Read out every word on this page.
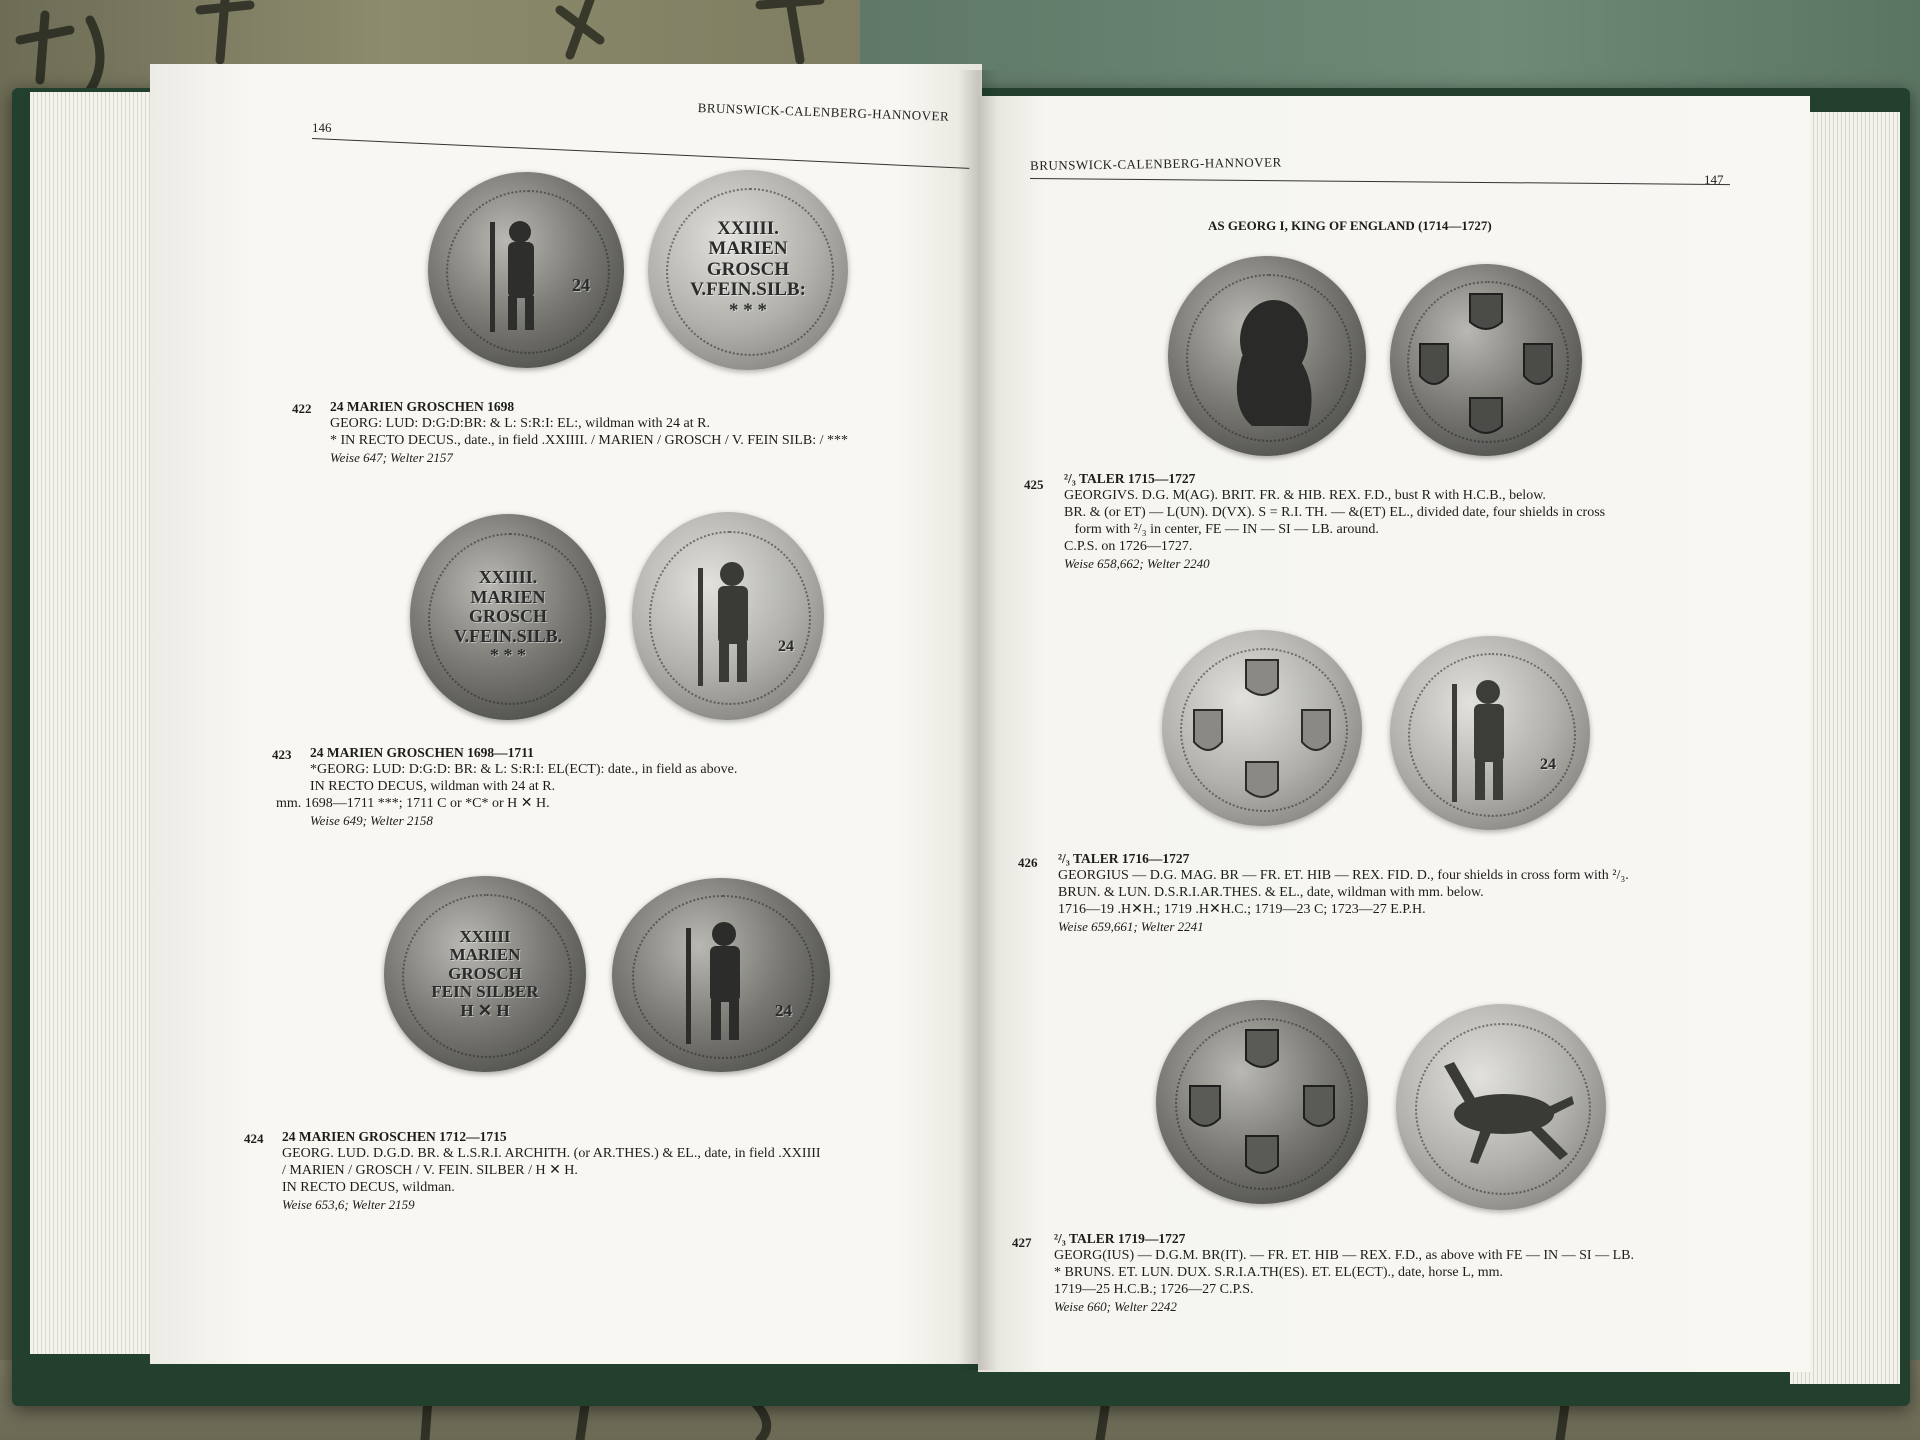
146
BRUNSWICK-CALENBERG-HANNOVER
24
XXIIII.
MARIEN
GROSCH
V.FEIN.SILB:
* * *
422 24 MARIEN GROSCHEN 1698
GEORG: LUD: D:G:D:BR: & L: S:R:I: EL:, wildman with 24 at R.
* IN RECTO DECUS., date., in field .XXIIII. / MARIEN / GROSCH / V. FEIN SILB: / ***
Weise 647; Welter 2157
XXIIII.
MARIEN
GROSCH
V.FEIN.SILB.
* * *	24
423 24 MARIEN GROSCHEN 1698—1711
*GEORG: LUD: D:G:D: BR: & L: S:R:I: EL(ECT): date., in field as above.
IN RECTO DECUS, wildman with 24 at R.
mm. 1698—1711 ***; 1711 C or *C* or H ✕ H.
Weise 649; Welter 2158
XXIIII
MARIEN
GROSCH
FEIN SILBER
H ✕ H	24
424 24 MARIEN GROSCHEN 1712—1715
GEORG. LUD. D.G.D. BR. & L.S.R.I. ARCHITH. (or AR.THES.) & EL., date, in field .XXIIII
/ MARIEN / GROSCH / V. FEIN. SILBER / H ✕ H.
IN RECTO DECUS, wildman.
Weise 653,6; Welter 2159
BRUNSWICK-CALENBERG-HANNOVER
147
AS GEORG I, KING OF ENGLAND (1714—1727)
425 ²/₃ TALER 1715—1727
GEORGIVS. D.G. M(AG). BRIT. FR. & HIB. REX. F.D., bust R with H.C.B., below.
BR. & (or ET) — L(UN). D(VX). S = R.I. TH. — &(ET) EL., divided date, four shields in cross
form with ²/₃ in center, FE — IN — SI — LB. around.
C.P.S. on 1726—1727.
Weise 658,662; Welter 2240
24
426 ²/₃ TALER 1716—1727
GEORGIUS — D.G. MAG. BR — FR. ET. HIB — REX. FID. D., four shields in cross form with ²/₃.
BRUN. & LUN. D.S.R.I.AR.THES. & EL., date, wildman with mm. below.
1716—19 .H✕H.; 1719 .H✕H.C.; 1719—23 C; 1723—27 E.P.H.
Weise 659,661; Welter 2241
427 ²/₃ TALER 1719—1727
GEORG(IUS) — D.G.M. BR(IT). — FR. ET. HIB — REX. F.D., as above with FE — IN — SI — LB.
* BRUNS. ET. LUN. DUX. S.R.I.A.TH(ES). ET. EL(ECT)., date, horse L, mm.
1719—25 H.C.B.; 1726—27 C.P.S.
Weise 660; Welter 2242
